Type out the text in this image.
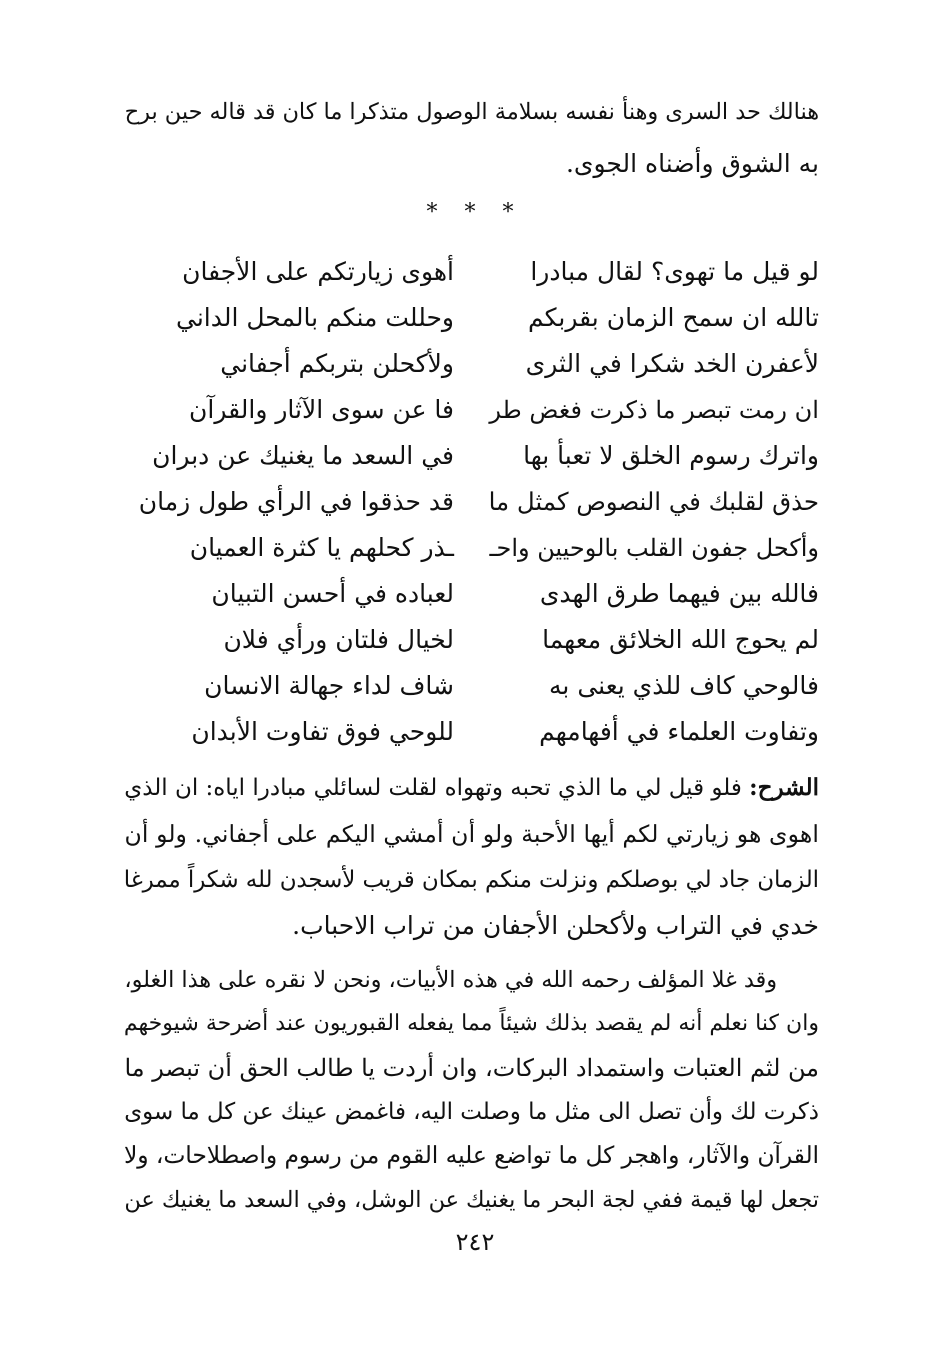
هنالك حد السرى وهنأ نفسه بسلامة الوصول متذكرا ما كان قد قاله حين برح
به الشوق وأضناه الجوى.
* * *
لو قيل ما تهوى؟ لقال مبادرا
تالله ان سمح الزمان بقربكم
لأعفرن الخد شكرا في الثرى
ان رمت تبصر ما ذكرت فغض طر
واترك رسوم الخلق لا تعبأ بها
حذق لقلبك في النصوص كمثل ما
وأكحل جفون القلب بالوحيين واحـ
فالله بين فيهما طرق الهدى
لم يحوج الله الخلائق معهما
فالوحي كاف للذي يعنى به
وتفاوت العلماء في أفهامهم
أهوى زيارتكم على الأجفان
وحللت منكم بالمحل الداني
ولأكحلن بتربكم أجفاني
فا عن سوى الآثار والقرآن
في السعد ما يغنيك عن دبران
قد حذقوا في الرأي طول زمان
ـذر كحلهم يا كثرة العميان
لعباده في أحسن التبيان
لخيال فلتان ورأي فلان
شاف لداء جهالة الانسان
للوحي فوق تفاوت الأبدان
الشرح: فلو قيل لي ما الذي تحبه وتهواه لقلت لسائلي مبادرا اياه: ان الذي
اهوى هو زيارتي لكم أيها الأحبة ولو أن أمشي اليكم على أجفاني. ولو أن
الزمان جاد لي بوصلكم ونزلت منكم بمكان قريب لأسجدن لله شكراً ممرغا
خدي في التراب ولأكحلن الأجفان من تراب الاحباب.
وقد غلا المؤلف رحمه الله في هذه الأبيات، ونحن لا نقره على هذا الغلو،
وان كنا نعلم أنه لم يقصد بذلك شيئاً مما يفعله القبوريون عند أضرحة شيوخهم
من لثم العتبات واستمداد البركات، وان أردت يا طالب الحق أن تبصر ما
ذكرت لك وأن تصل الى مثل ما وصلت اليه، فاغمض عينك عن كل ما سوى
القرآن والآثار، واهجر كل ما تواضع عليه القوم من رسوم واصطلاحات، ولا
تجعل لها قيمة ففي لجة البحر ما يغنيك عن الوشل، وفي السعد ما يغنيك عن
٢٤٢
